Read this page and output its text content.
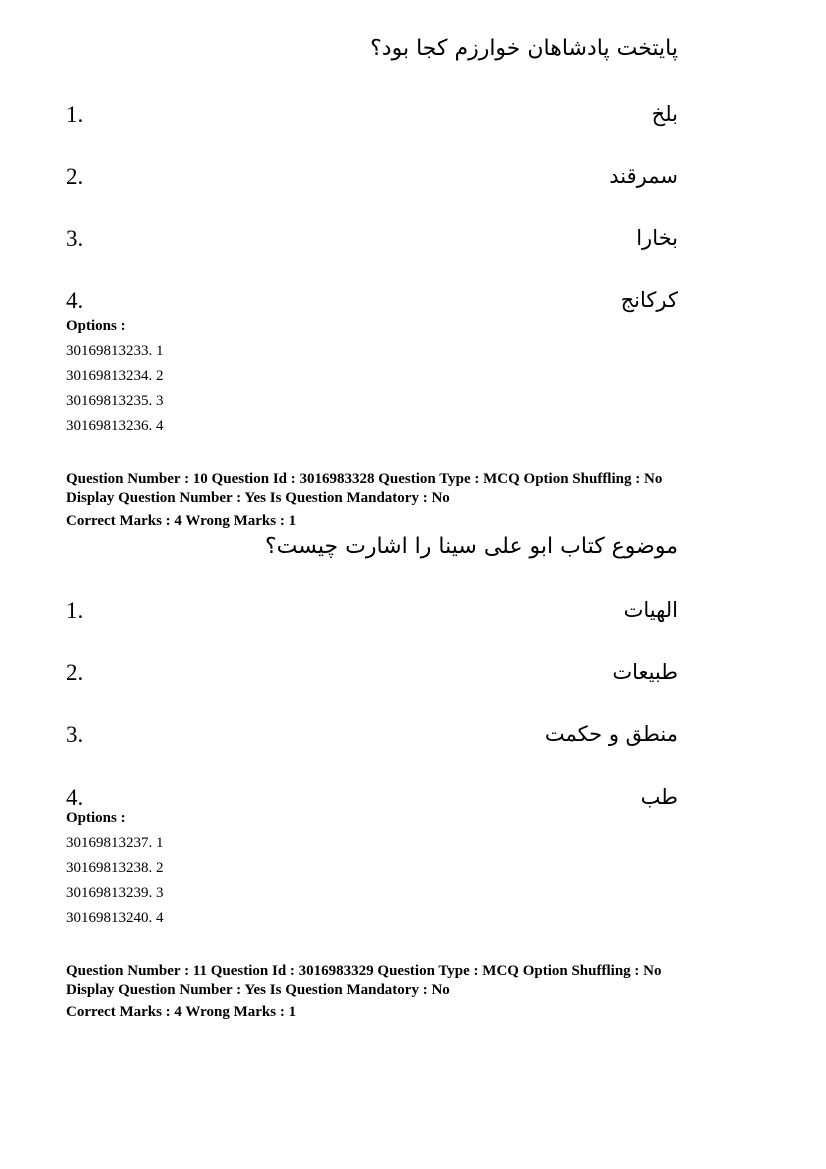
پایتخت پادشاهان خوارزم کجا بود؟
1.	بلخ
2.	سمرقند
3.	بخارا
4.	کرکانج
Options :
30169813233. 1
30169813234. 2
30169813235. 3
30169813236. 4
Question Number : 10 Question Id : 3016983328 Question Type : MCQ Option Shuffling : No
Display Question Number : Yes Is Question Mandatory : No
Correct Marks : 4 Wrong Marks : 1
موضوع کتاب ابو علی سینا را اشارت چیست؟
1.	الهیات
2.	طبیعات
3.	منطق و حکمت
4.	طب
Options :
30169813237. 1
30169813238. 2
30169813239. 3
30169813240. 4
Question Number : 11 Question Id : 3016983329 Question Type : MCQ Option Shuffling : No
Display Question Number : Yes Is Question Mandatory : No
Correct Marks : 4 Wrong Marks : 1
